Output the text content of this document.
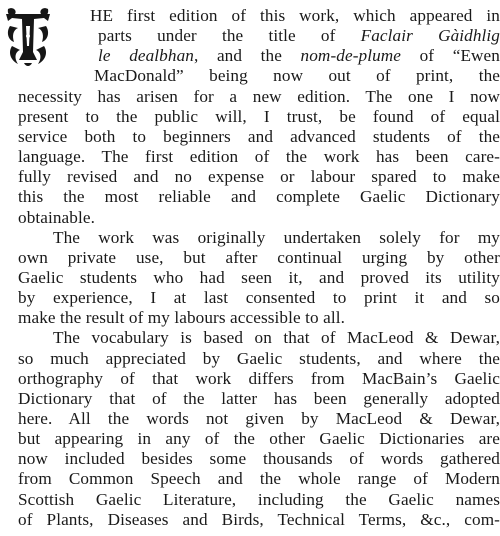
HE first edition of this work, which appeared in
parts under the title of Faclair Gàidhlig
le dealbhan, and the nom-de-plume of “Ewen
MacDonald” being now out of print, the
necessity has arisen for a new edition. The one I now
present to the public will, I trust, be found of equal
service both to beginners and advanced students of the
language. The first edition of the work has been care-
fully revised and no expense or labour spared to make
this the most reliable and complete Gaelic Dictionary
obtainable.
The work was originally undertaken solely for my
own private use, but after continual urging by other
Gaelic students who had seen it, and proved its utility
by experience, I at last consented to print it and so
make the result of my labours accessible to all.
The vocabulary is based on that of MacLeod & Dewar,
so much appreciated by Gaelic students, and where the
orthography of that work differs from MacBain’s Gaelic
Dictionary that of the latter has been generally adopted
here. All the words not given by MacLeod & Dewar,
but appearing in any of the other Gaelic Dictionaries are
now included besides some thousands of words gathered
from Common Speech and the whole range of Modern
Scottish Gaelic Literature, including the Gaelic names
of Plants, Diseases and Birds, Technical Terms, &c., com-
